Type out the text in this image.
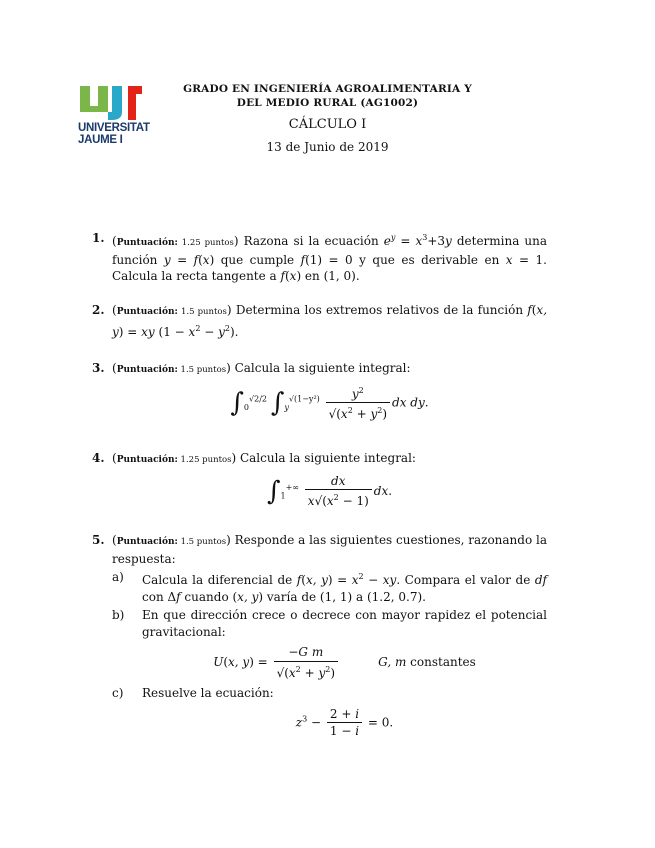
UNIVERSITAT
JAUME I
GRADO EN INGENIERÍA AGROALIMENTARIA Y
DEL MEDIO RURAL (AG1002)
CÁLCULO I
13 de Junio de 2019
1. (Puntuación: 1.25 puntos) Razona si la ecuación $e^y = x^3+3y$ determina una función y = f(x) que cumple f(1) = 0 y que es derivable en x = 1. Calcula la recta tangente a f(x) en (1, 0).
2. (Puntuación: 1.5 puntos) Determina los extremos relativos de la función f(x, y) = xy $(1 - x^2 - y^2)$.
3. (Puntuación: 1.5 puntos) Calcula la siguiente integral:
$\int_0^{√2/2}$ $\int_y^{√(1-y^2)} \frac{y^2}{√(x^2 + y^2)}$ dx dy.
4. (Puntuación: 1.25 puntos) Calcula la siguiente integral:
$\int_1^{+\infty} \frac{dx}{x√(x^2 - 1)}$ dx.
5. (Puntuación: 1.5 puntos) Responde a las siguientes cuestiones, razonando la respuesta:
a) Calcula la diferencial de f(x, $y) = x^2$ − xy. Compara el valor de df con Δf cuando (x, y) varía de (1, 1) a (1.2, 0.7).
b) En que dirección crece o decrece con mayor rapidez el potencial gravitacional:
U(x, $y) = \frac{\text{−G m}}{√(x^2 + y^2)}$	G, m constantes
c) Resuelve la ecuación:
$z^3 - \frac{2 + i}{1 - i} = 0$.
